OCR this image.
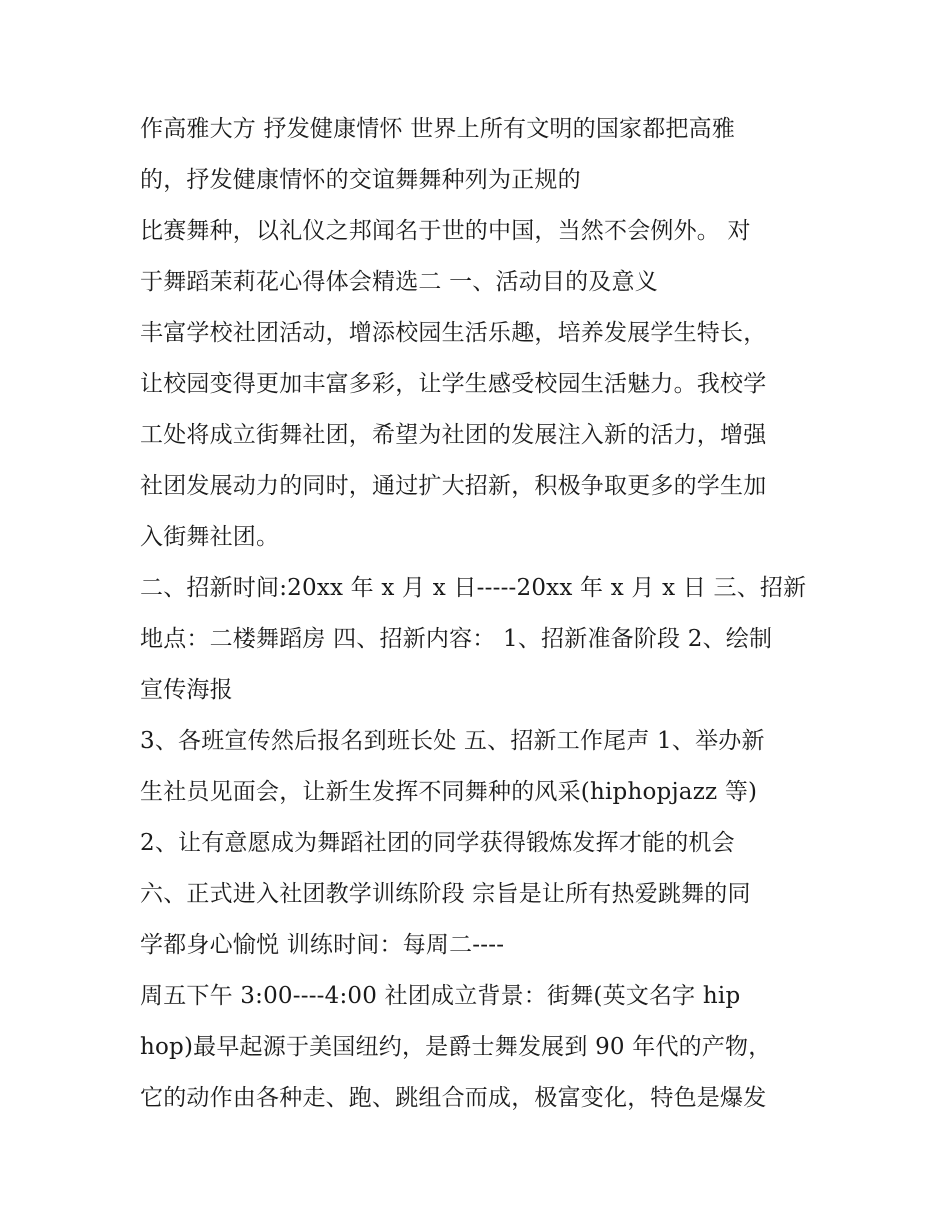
作高雅大方 抒发健康情怀 世界上所有文明的国家都把高雅
的，抒发健康情怀的交谊舞舞种列为正规的
比赛舞种，以礼仪之邦闻名于世的中国，当然不会例外。 对
于舞蹈茉莉花心得体会精选二 一、活动目的及意义
丰富学校社团活动，增添校园生活乐趣，培养发展学生特长，
让校园变得更加丰富多彩，让学生感受校园生活魅力。我校学
工处将成立街舞社团，希望为社团的发展注入新的活力，增强
社团发展动力的同时，通过扩大招新，积极争取更多的学生加
入街舞社团。
二、招新时间:20xx 年 x 月 x 日-----20xx 年 x 月 x 日 三、招新
地点：二楼舞蹈房 四、招新内容： 1、招新准备阶段 2、绘制
宣传海报
3、各班宣传然后报名到班长处 五、招新工作尾声 1、举办新
生社员见面会，让新生发挥不同舞种的风采(hiphopjazz 等)
2、让有意愿成为舞蹈社团的同学获得锻炼发挥才能的机会
六、正式进入社团教学训练阶段 宗旨是让所有热爱跳舞的同
学都身心愉悦 训练时间：每周二----
周五下午 3:00----4:00 社团成立背景：街舞(英文名字 hip
hop)最早起源于美国纽约，是爵士舞发展到 90 年代的产物，
它的动作由各种走、跑、跳组合而成，极富变化，特色是爆发
